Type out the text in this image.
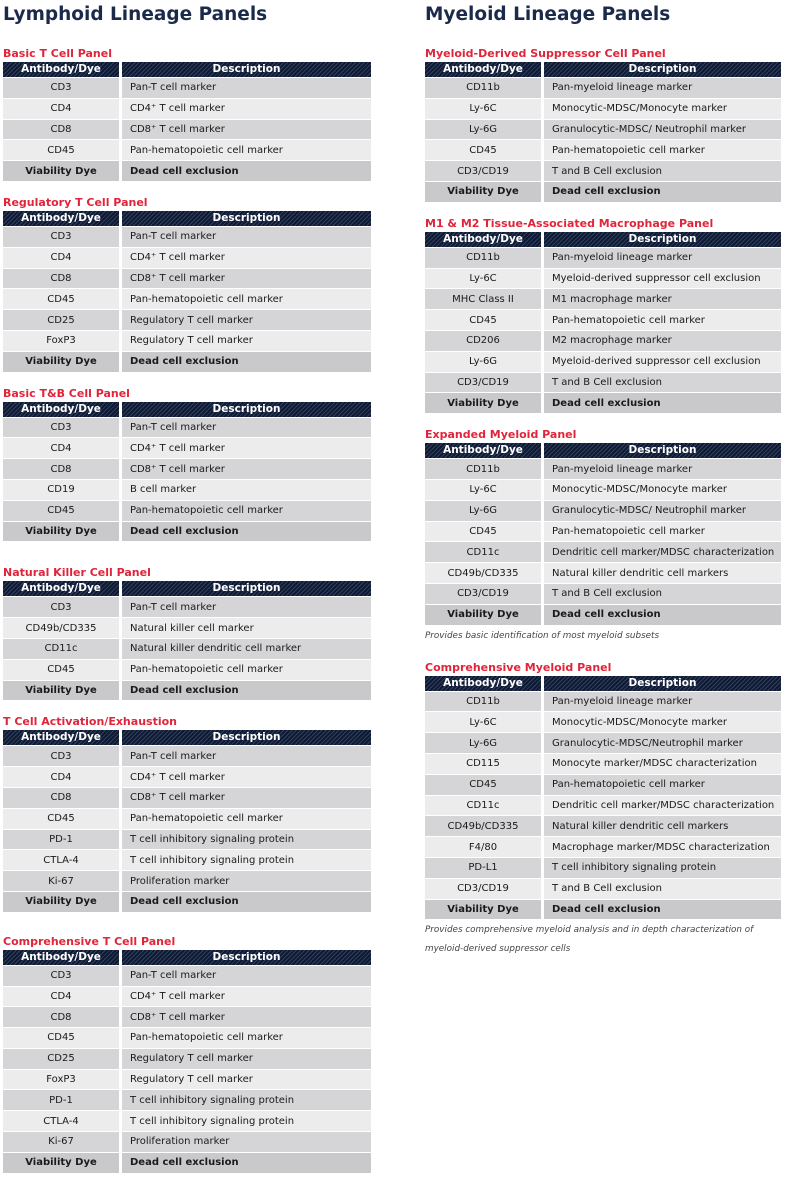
Lymphoid Lineage Panels
Basic T Cell Panel
Antibody/Dye	Description
CD3	Pan-T cell marker
CD4	CD4⁺ T cell marker
CD8	CD8⁺ T cell marker
CD45	Pan-hematopoietic cell marker
Viability Dye	Dead cell exclusion
Regulatory T Cell Panel
Antibody/Dye	Description
CD3	Pan-T cell marker
CD4	CD4⁺ T cell marker
CD8	CD8⁺ T cell marker
CD45	Pan-hematopoietic cell marker
CD25	Regulatory T cell marker
FoxP3	Regulatory T cell marker
Viability Dye	Dead cell exclusion
Basic T&B Cell Panel
Antibody/Dye	Description
CD3	Pan-T cell marker
CD4	CD4⁺ T cell marker
CD8	CD8⁺ T cell marker
CD19	B cell marker
CD45	Pan-hematopoietic cell marker
Viability Dye	Dead cell exclusion
Natural Killer Cell Panel
Antibody/Dye	Description
CD3	Pan-T cell marker
CD49b/CD335	Natural killer cell marker
CD11c	Natural killer dendritic cell marker
CD45	Pan-hematopoietic cell marker
Viability Dye	Dead cell exclusion
T Cell Activation/Exhaustion
Antibody/Dye	Description
CD3	Pan-T cell marker
CD4	CD4⁺ T cell marker
CD8	CD8⁺ T cell marker
CD45	Pan-hematopoietic cell marker
PD-1	T cell inhibitory signaling protein
CTLA-4	T cell inhibitory signaling protein
Ki-67	Proliferation marker
Viability Dye	Dead cell exclusion
Comprehensive T Cell Panel
Antibody/Dye	Description
CD3	Pan-T cell marker
CD4	CD4⁺ T cell marker
CD8	CD8⁺ T cell marker
CD45	Pan-hematopoietic cell marker
CD25	Regulatory T cell marker
FoxP3	Regulatory T cell marker
PD-1	T cell inhibitory signaling protein
CTLA-4	T cell inhibitory signaling protein
Ki-67	Proliferation marker
Viability Dye	Dead cell exclusion
Myeloid Lineage Panels
Myeloid-Derived Suppressor Cell Panel
Antibody/Dye	Description
CD11b	Pan-myeloid lineage marker
Ly-6C	Monocytic-MDSC/Monocyte marker
Ly-6G	Granulocytic-MDSC/ Neutrophil marker
CD45	Pan-hematopoietic cell marker
CD3/CD19	T and B Cell exclusion
Viability Dye	Dead cell exclusion
M1 & M2 Tissue-Associated Macrophage Panel
Antibody/Dye	Description
CD11b	Pan-myeloid lineage marker
Ly-6C	Myeloid-derived suppressor cell exclusion
MHC Class II	M1 macrophage marker
CD45	Pan-hematopoietic cell marker
CD206	M2 macrophage marker
Ly-6G	Myeloid-derived suppressor cell exclusion
CD3/CD19	T and B Cell exclusion
Viability Dye	Dead cell exclusion
Expanded Myeloid Panel
Antibody/Dye	Description
CD11b	Pan-myeloid lineage marker
Ly-6C	Monocytic-MDSC/Monocyte marker
Ly-6G	Granulocytic-MDSC/ Neutrophil marker
CD45	Pan-hematopoietic cell marker
CD11c	Dendritic cell marker/MDSC characterization
CD49b/CD335	Natural killer dendritic cell markers
CD3/CD19	T and B Cell exclusion
Viability Dye	Dead cell exclusion
Provides basic identification of most myeloid subsets
Comprehensive Myeloid Panel
Antibody/Dye	Description
CD11b	Pan-myeloid lineage marker
Ly-6C	Monocytic-MDSC/Monocyte marker
Ly-6G	Granulocytic-MDSC/Neutrophil marker
CD115	Monocyte marker/MDSC characterization
CD45	Pan-hematopoietic cell marker
CD11c	Dendritic cell marker/MDSC characterization
CD49b/CD335	Natural killer dendritic cell markers
F4/80	Macrophage marker/MDSC characterization
PD-L1	T cell inhibitory signaling protein
CD3/CD19	T and B Cell exclusion
Viability Dye	Dead cell exclusion
Provides comprehensive myeloid analysis and in depth characterization of myeloid-derived suppressor cells
